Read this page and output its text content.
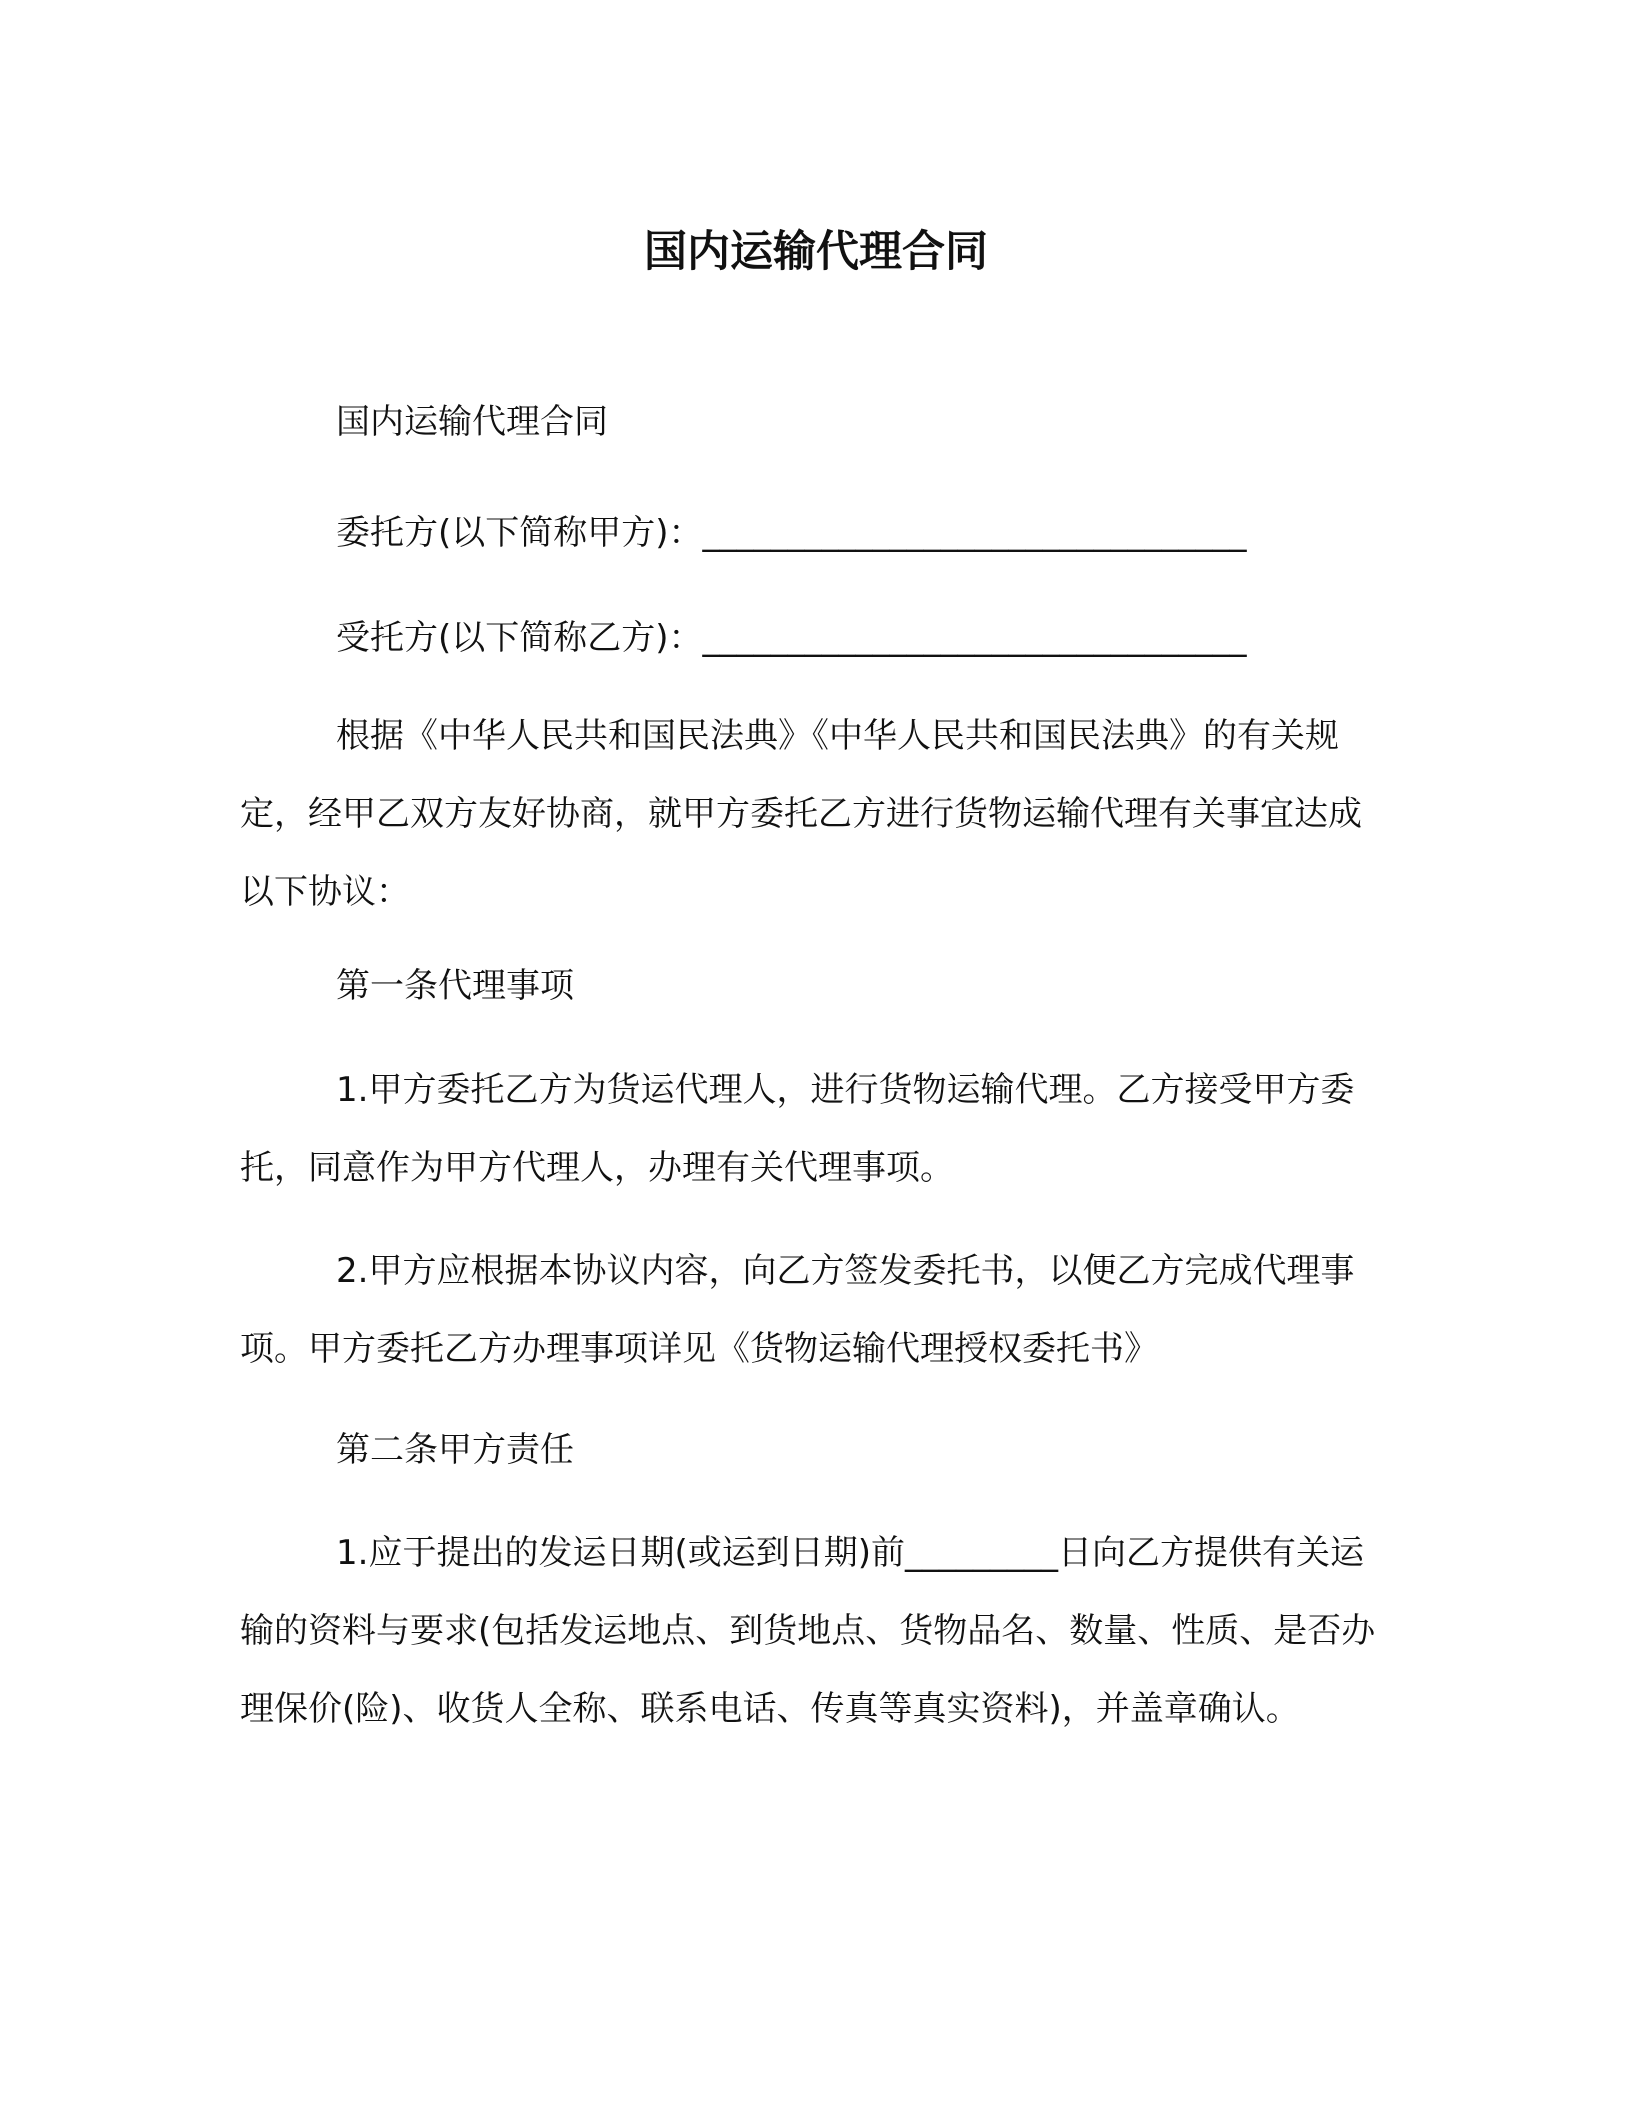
国内运输代理合同
国内运输代理合同
委托方(以下简称甲方)：________________________________
受托方(以下简称乙方)：________________________________
根据《中华人民共和国民法典》《中华人民共和国民法典》的有关规定，经甲乙双方友好协商，就甲方委托乙方进行货物运输代理有关事宜达成以下协议：
第一条代理事项
1.甲方委托乙方为货运代理人，进行货物运输代理。乙方接受甲方委托，同意作为甲方代理人，办理有关代理事项。
2.甲方应根据本协议内容，向乙方签发委托书，以便乙方完成代理事项。甲方委托乙方办理事项详见《货物运输代理授权委托书》
第二条甲方责任
1.应于提出的发运日期(或运到日期)前_________日向乙方提供有关运输的资料与要求(包括发运地点、到货地点、货物品名、数量、性质、是否办理保价(险)、收货人全称、联系电话、传真等真实资料)，并盖章确认。
